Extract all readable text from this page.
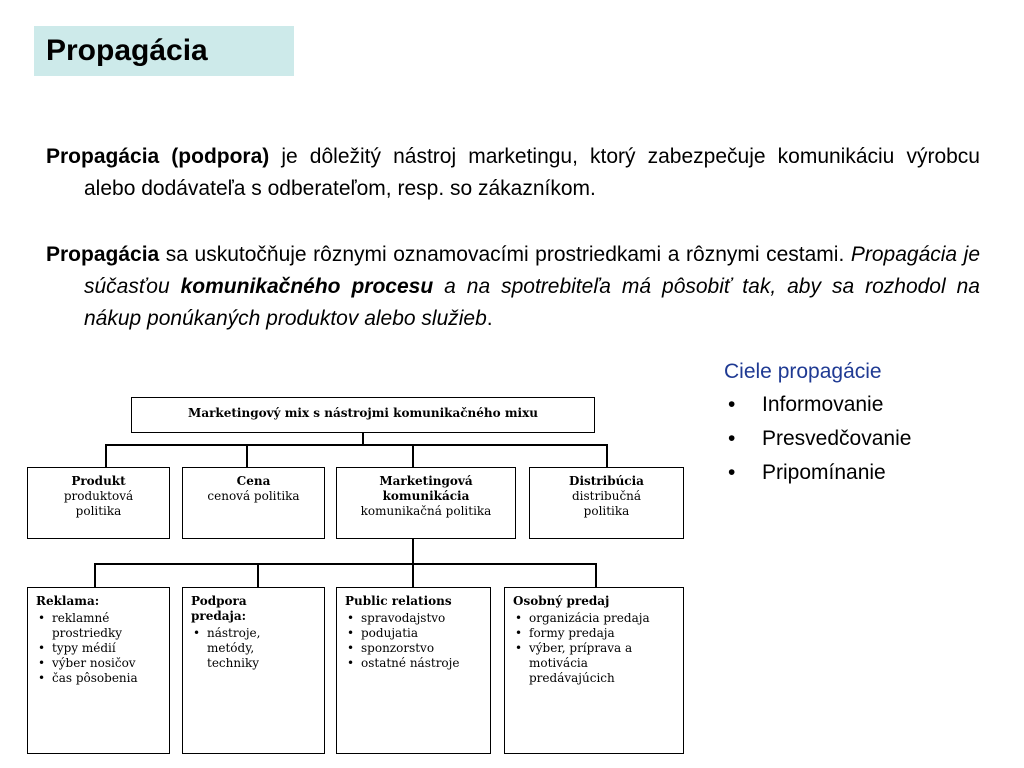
Propagácia
Propagácia (podpora) je dôležitý nástroj marketingu, ktorý zabezpečuje komunikáciu výrobcu alebo dodávateľa s odberateľom, resp. so zákazníkom.
Propagácia sa uskutočňuje rôznymi oznamovacími prostriedkami a rôznymi cestami. Propagácia je súčasťou komunikačného procesu a na spotrebiteľa má pôsobiť tak, aby sa rozhodol na nákup ponúkaných produktov alebo služieb.
Ciele propagácie
•	Informovanie
•	Presvedčovanie
•	Pripomínanie
Marketingový mix s nástrojmi komunikačného mixu
Produkt
produktová politika
Cena
cenová politika
Marketingová komunikácia
komunikačná politika
Distribúcia
distribučná politika
Reklama:
• reklamné prostriedky
• typy médií
• výber nosičov
• čas pôsobenia
Podpora predaja:
• nástroje, metódy, techniky
Public relations
• spravodajstvo
• podujatia
• sponzorstvo
• ostatné nástroje
Osobný predaj
• organizácia predaja
• formy predaja
• výber, príprava a motivácia predávajúcich
